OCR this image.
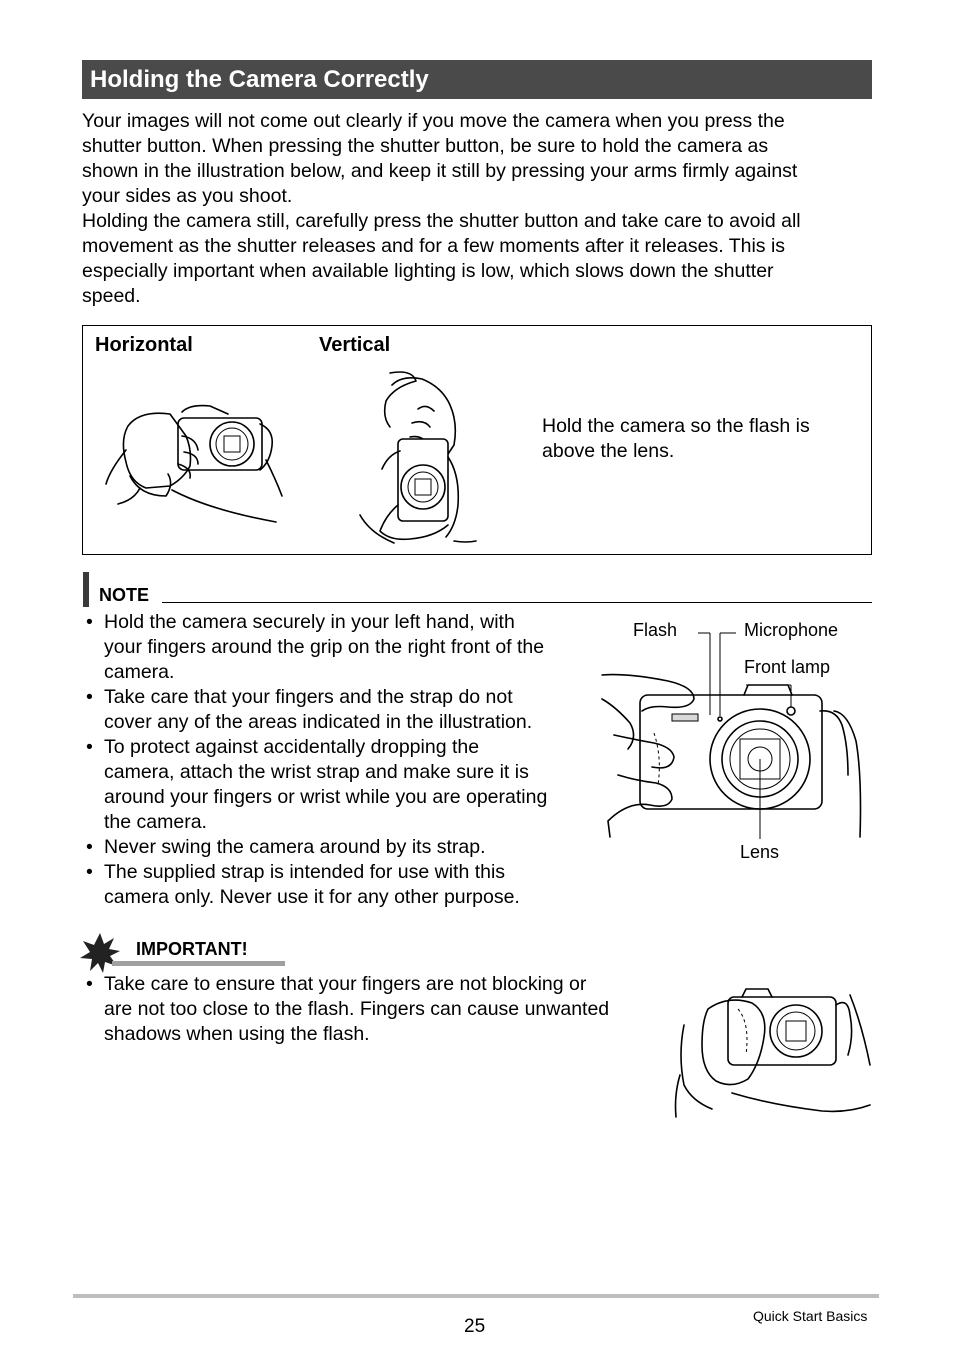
Holding the Camera Correctly
Your images will not come out clearly if you move the camera when you press the
shutter button. When pressing the shutter button, be sure to hold the camera as
shown in the illustration below, and keep it still by pressing your arms firmly against
your sides as you shoot.
Holding the camera still, carefully press the shutter button and take care to avoid all
movement as the shutter releases and for a few moments after it releases. This is
especially important when available lighting is low, which slows down the shutter
speed.
Horizontal	Vertical
Hold the camera so the flash is
above the lens.
NOTE
• Hold the camera securely in your left hand, with
your fingers around the grip on the right front of the
camera.
• Take care that your fingers and the strap do not
cover any of the areas indicated in the illustration.
• To protect against accidentally dropping the
camera, attach the wrist strap and make sure it is
around your fingers or wrist while you are operating
the camera.
• Never swing the camera around by its strap.
• The supplied strap is intended for use with this
camera only. Never use it for any other purpose.
Flash	Microphone
Front lamp
Lens
IMPORTANT!
• Take care to ensure that your fingers are not blocking or
are not too close to the flash. Fingers can cause unwanted
shadows when using the flash.
25	Quick Start Basics
